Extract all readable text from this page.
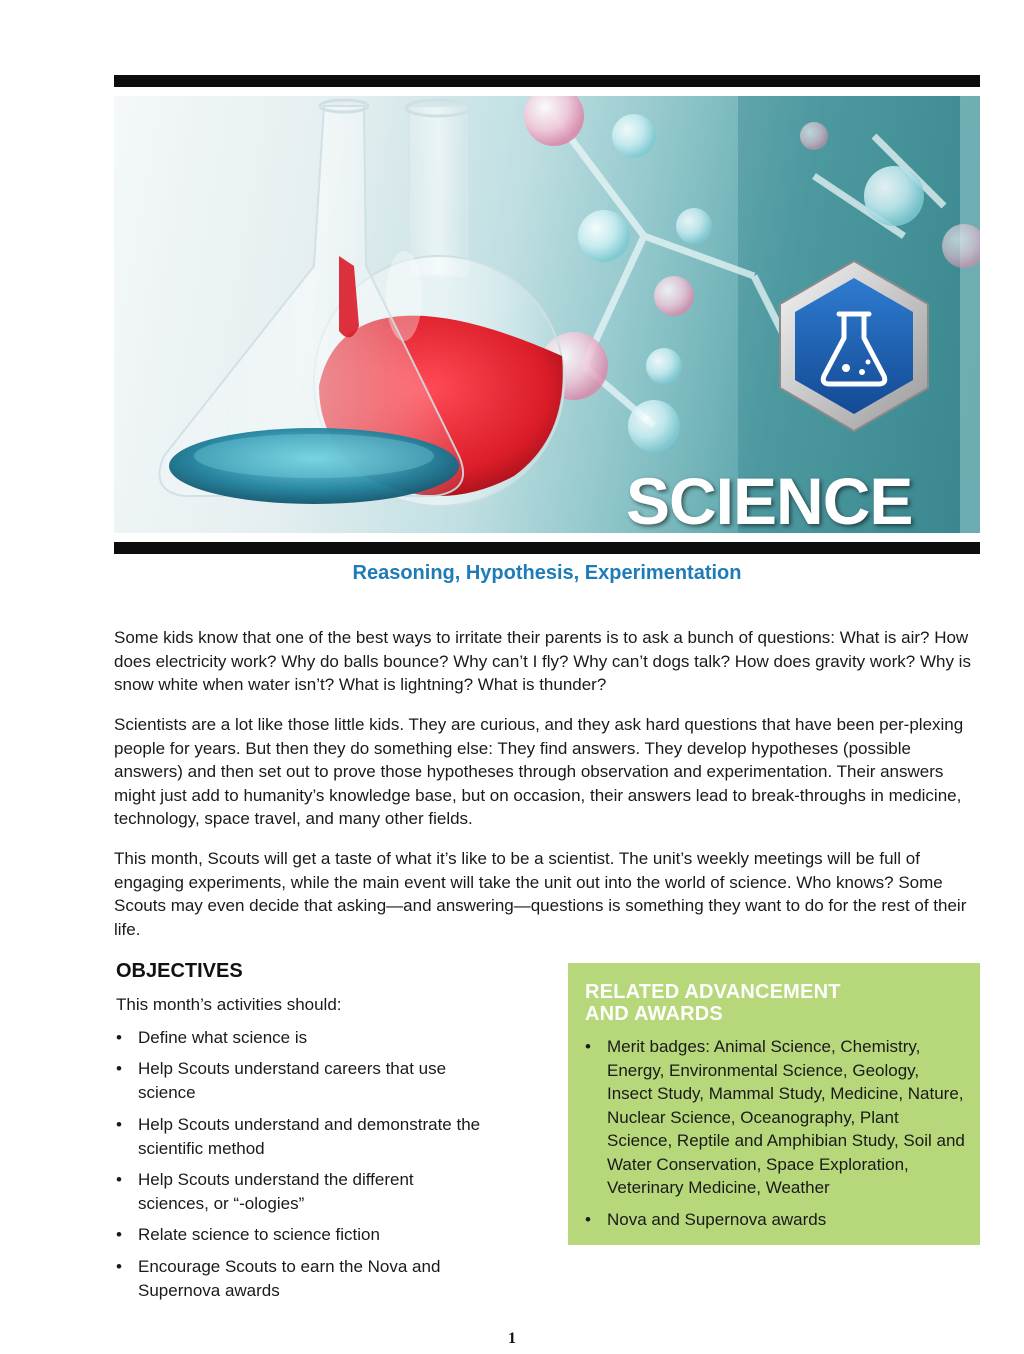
SCIENCE
Reasoning, Hypothesis, Experimentation

Some kids know that one of the best ways to irritate their parents is to ask a bunch of questions: What is air? How does electricity work? Why do balls bounce? Why can’t I fly? Why can’t dogs talk? How does gravity work? Why is snow white when water isn’t? What is lightning? What is thunder?

Scientists are a lot like those little kids. They are curious, and they ask hard questions that have been per-plexing people for years. But then they do something else: They find answers. They develop hypotheses (possible answers) and then set out to prove those hypotheses through observation and experimentation. Their answers might just add to humanity’s knowledge base, but on occasion, their answers lead to break-throughs in medicine, technology, space travel, and many other fields.

This month, Scouts will get a taste of what it’s like to be a scientist. The unit’s weekly meetings will be full of engaging experiments, while the main event will take the unit out into the world of science. Who knows? Some Scouts may even decide that asking—and answering—questions is something they want to do for the rest of their life.

OBJECTIVES

This month’s activities should:

• Define what science is

• Help Scouts understand careers that use science

• Help Scouts understand and demonstrate the scientific method

• Help Scouts understand the different sciences, or “-ologies”

• Relate science to science fiction

• Encourage Scouts to earn the Nova and Supernova awards

RELATED ADVANCEMENT
AND AWARDS

• Merit badges: Animal Science, Chemistry, Energy, Environmental Science, Geology, Insect Study, Mammal Study, Medicine, Nature, Nuclear Science, Oceanography, Plant Science, Reptile and Amphibian Study, Soil and Water Conservation, Space Exploration, Veterinary Medicine, Weather

• Nova and Supernova awards

1
